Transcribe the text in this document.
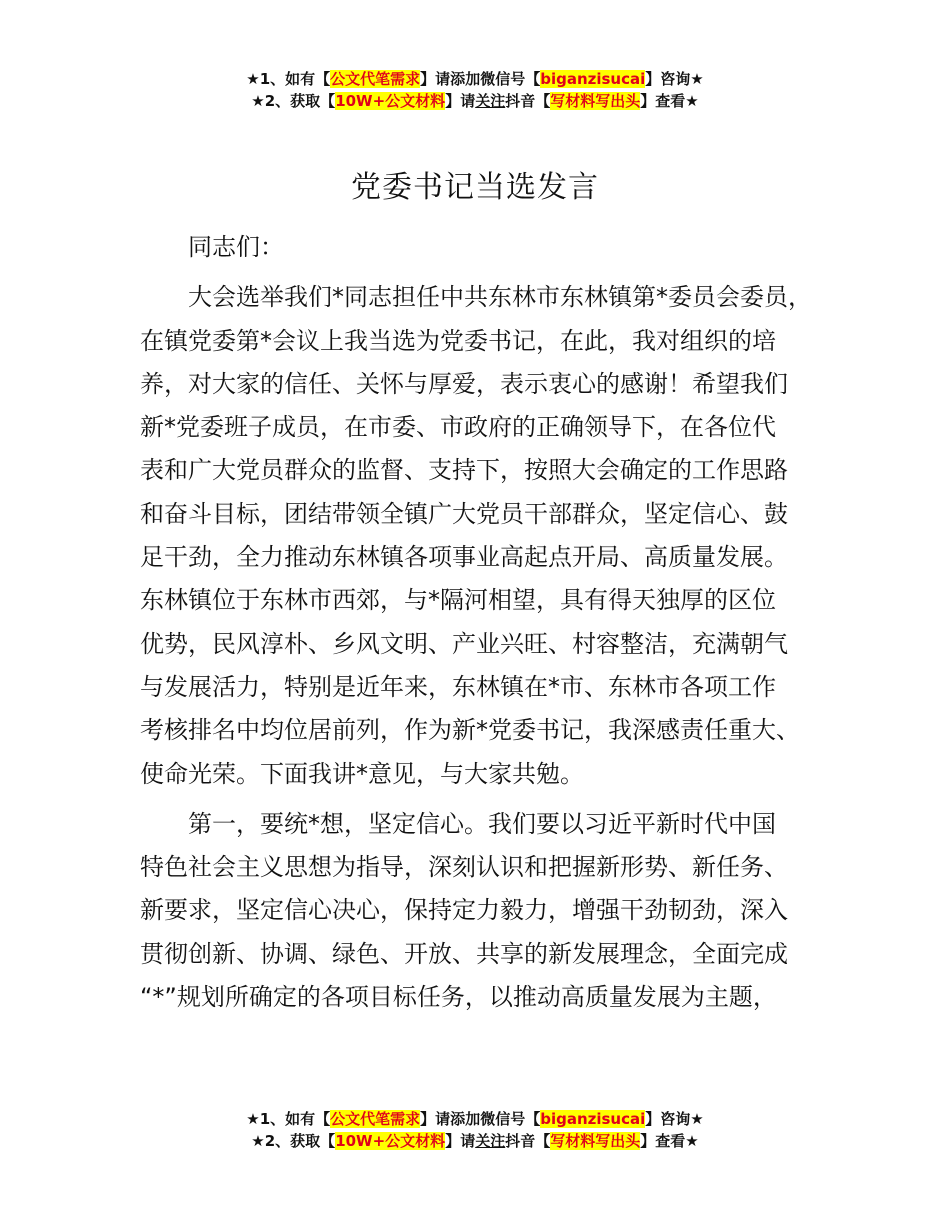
★1、如有【公文代笔需求】请添加微信号【biganzisucai】咨询★
★2、获取【10W+公文材料】请关注抖音【写材料写出头】查看★
党委书记当选发言

同志们：

大会选举我们*同志担任中共东林市东林镇第*委员会委员，

在镇党委第*会议上我当选为党委书记，在此，我对组织的培

养，对大家的信任、关怀与厚爱，表示衷心的感谢！希望我们

新*党委班子成员，在市委、市政府的正确领导下，在各位代

表和广大党员群众的监督、支持下，按照大会确定的工作思路

和奋斗目标，团结带领全镇广大党员干部群众，坚定信心、鼓

足干劲，全力推动东林镇各项事业高起点开局、高质量发展。

东林镇位于东林市西郊，与*隔河相望，具有得天独厚的区位

优势，民风淳朴、乡风文明、产业兴旺、村容整洁，充满朝气

与发展活力，特别是近年来，东林镇在*市、东林市各项工作

考核排名中均位居前列，作为新*党委书记，我深感责任重大、

使命光荣。下面我讲*意见，与大家共勉。

第一，要统*想，坚定信心。我们要以习近平新时代中国

特色社会主义思想为指导，深刻认识和把握新形势、新任务、

新要求，坚定信心决心，保持定力毅力，增强干劲韧劲，深入

贯彻创新、协调、绿色、开放、共享的新发展理念，全面完成

“*”规划所确定的各项目标任务，以推动高质量发展为主题，

★1、如有【公文代笔需求】请添加微信号【biganzisucai】咨询★
★2、获取【10W+公文材料】请关注抖音【写材料写出头】查看★
